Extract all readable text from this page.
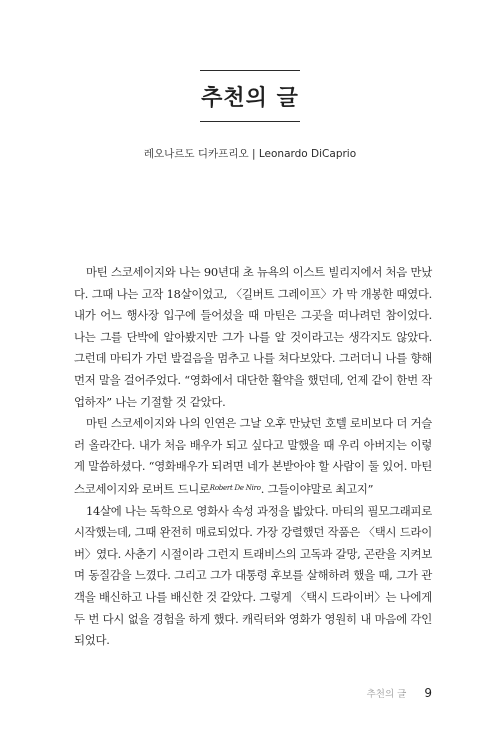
추천의 글
레오나르도 디카프리오 | Leonardo DiCaprio

마틴 스코세이지와 나는 90년대 초 뉴욕의 이스트 빌리지에서 처음 만났다. 그때 나는 고작 18살이었고, 〈길버트 그레이프〉가 막 개봉한 때였다. 내가 어느 행사장 입구에 들어섰을 때 마틴은 그곳을 떠나려던 참이었다. 나는 그를 단박에 알아봤지만 그가 나를 알 것이라고는 생각지도 않았다. 그런데 마티가 가던 발걸음을 멈추고 나를 쳐다보았다. 그러더니 나를 향해 먼저 말을 걸어주었다. “영화에서 대단한 활약을 했던데, 언제 같이 한번 작업하자” 나는 기절할 것 같았다.

마틴 스코세이지와 나의 인연은 그날 오후 만났던 호텔 로비보다 더 거슬러 올라간다. 내가 처음 배우가 되고 싶다고 말했을 때 우리 아버지는 이렇게 말씀하셨다. “영화배우가 되려면 네가 본받아야 할 사람이 둘 있어. 마틴 스코세이지와 로버트 드니로$^{Robert De Niro}$. 그들이야말로 최고지”

14살에 나는 독학으로 영화사 속성 과정을 밟았다. 마티의 필모그래피로 시작했는데, 그때 완전히 매료되었다. 가장 강렬했던 작품은 〈택시 드라이버〉였다. 사춘기 시절이라 그런지 트래비스의 고독과 갈망, 곤란을 지켜보며 동질감을 느꼈다. 그리고 그가 대통령 후보를 살해하려 했을 때, 그가 관객을 배신하고 나를 배신한 것 같았다. 그렇게 〈택시 드라이버〉는 나에게 두 번 다시 없을 경험을 하게 했다. 캐릭터와 영화가 영원히 내 마음에 각인되었다.

추천의 글 9
